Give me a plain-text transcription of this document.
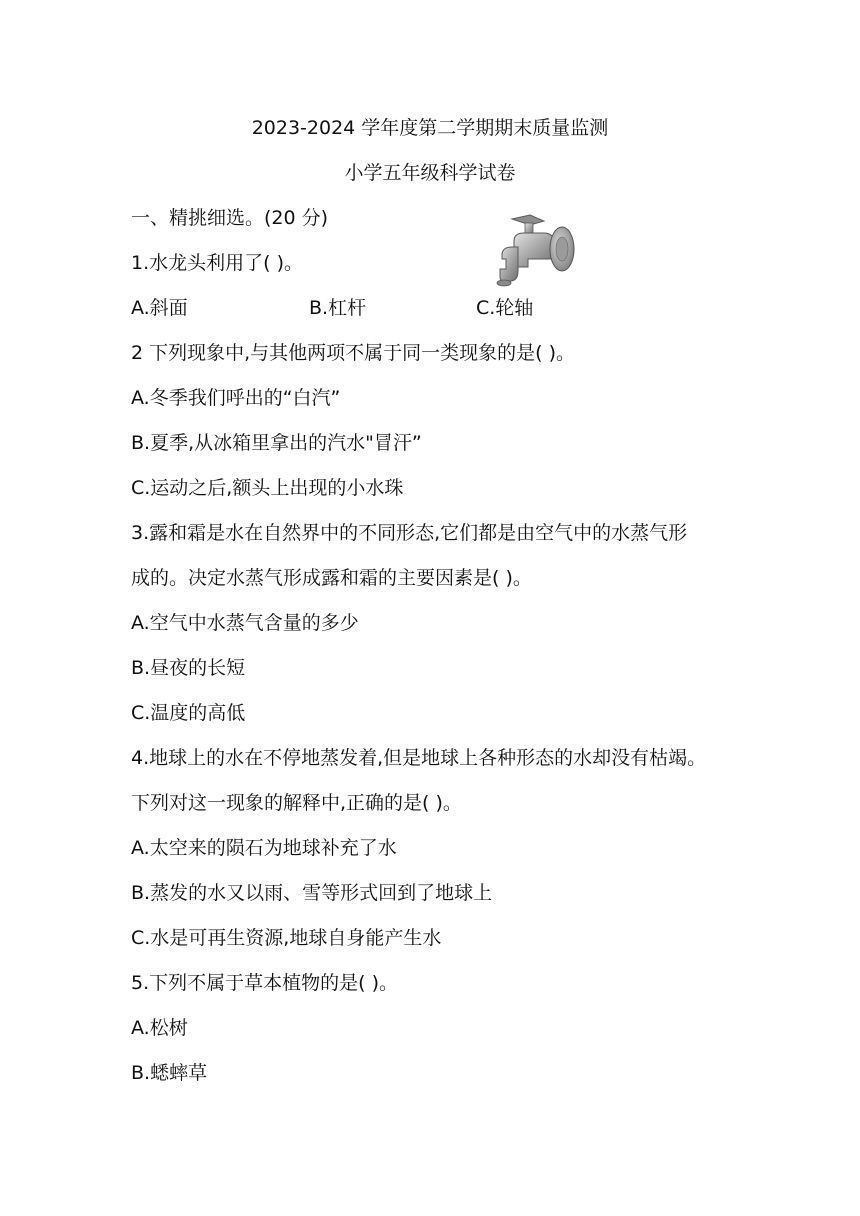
2023-2024 学年度第二学期期末质量监测
小学五年级科学试卷
一、精挑细选。(20 分)
1.水龙头利用了( )。
A.斜面	B.杠杆	C.轮轴
2 下列现象中,与其他两项不属于同一类现象的是( )。
A.冬季我们呼出的“白汽”
B.夏季,从冰箱里拿出的汽水"冒汗”
C.运动之后,额头上出现的小水珠
3.露和霜是水在自然界中的不同形态,它们都是由空气中的水蒸气形
成的。决定水蒸气形成露和霜的主要因素是( )。
A.空气中水蒸气含量的多少
B.昼夜的长短
C.温度的高低
4.地球上的水在不停地蒸发着,但是地球上各种形态的水却没有枯竭。
下列对这一现象的解释中,正确的是( )。
A.太空来的陨石为地球补充了水
B.蒸发的水又以雨、雪等形式回到了地球上
C.水是可再生资源,地球自身能产生水
5.下列不属于草本植物的是( )。
A.松树
B.蟋蟀草
